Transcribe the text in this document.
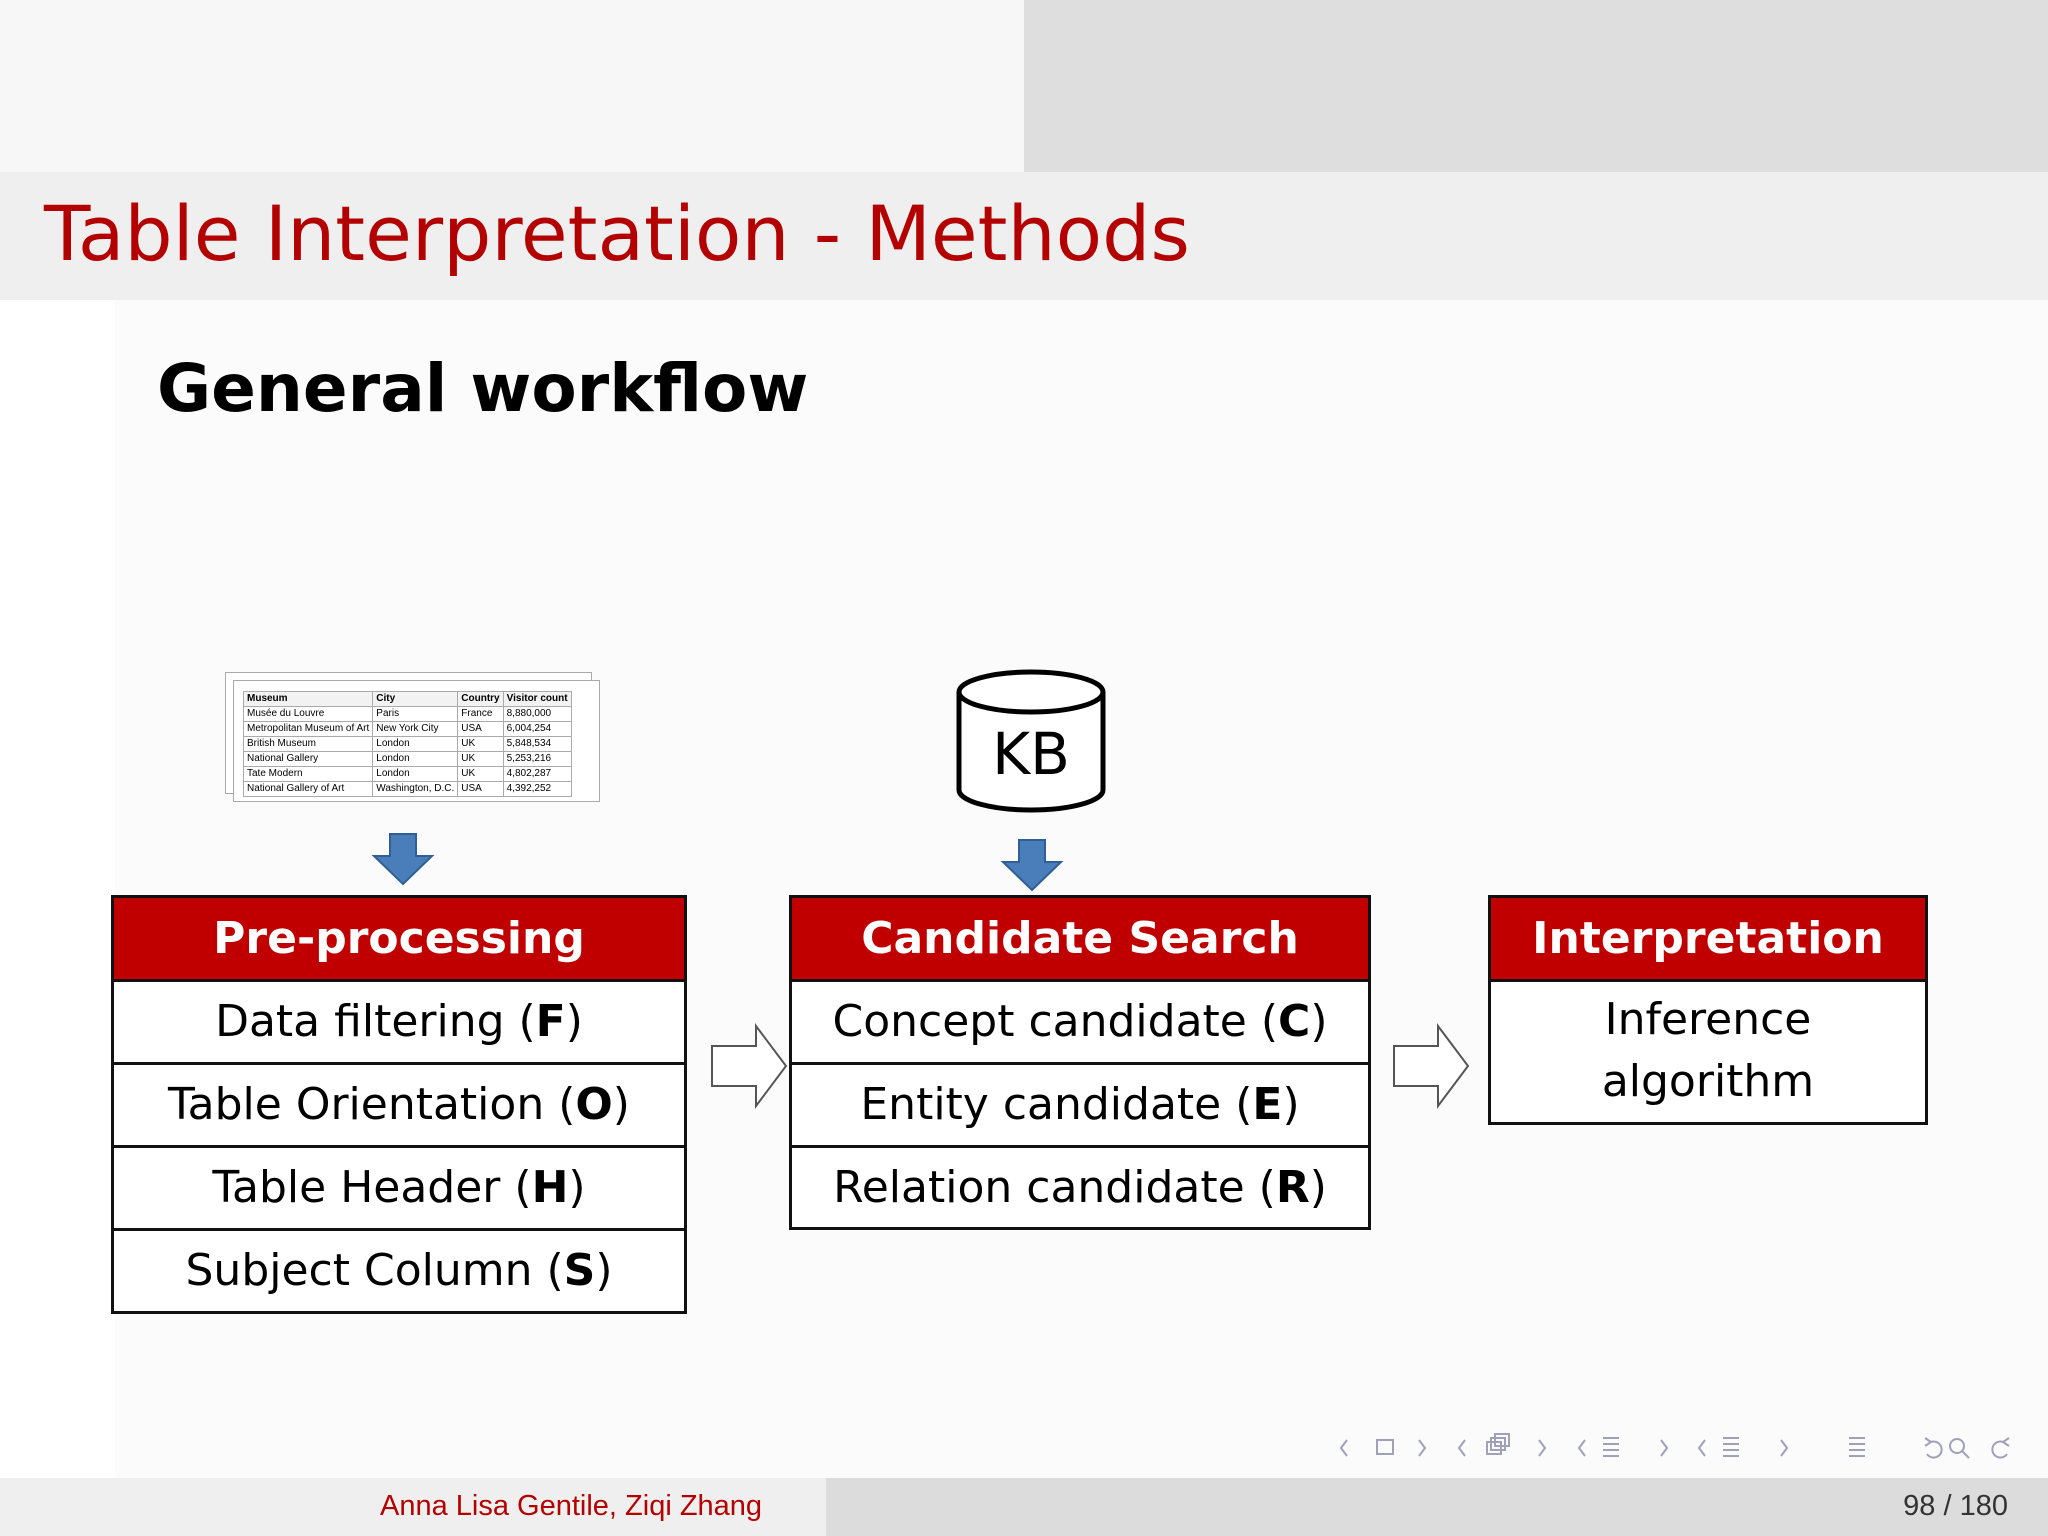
Table Interpretation - Methods
General workflow
Museum	City	Country	Visitor count
Musée du Louvre	Paris	France	8,880,000
Metropolitan Museum of Art	New York City	USA	6,004,254
British Museum	London	UK	5,848,534
National Gallery	London	UK	5,253,216
Tate Modern	London	UK	4,802,287
National Gallery of Art	Washington, D.C.	USA	4,392,252
KB
Pre-processing
Data filtering (F)
Table Orientation (O)
Table Header (H)
Subject Column (S)
Candidate Search
Concept candidate (C)
Entity candidate (E)
Relation candidate (R)
Interpretation
Inference
algorithm
Anna Lisa Gentile, Ziqi Zhang	98 / 180
